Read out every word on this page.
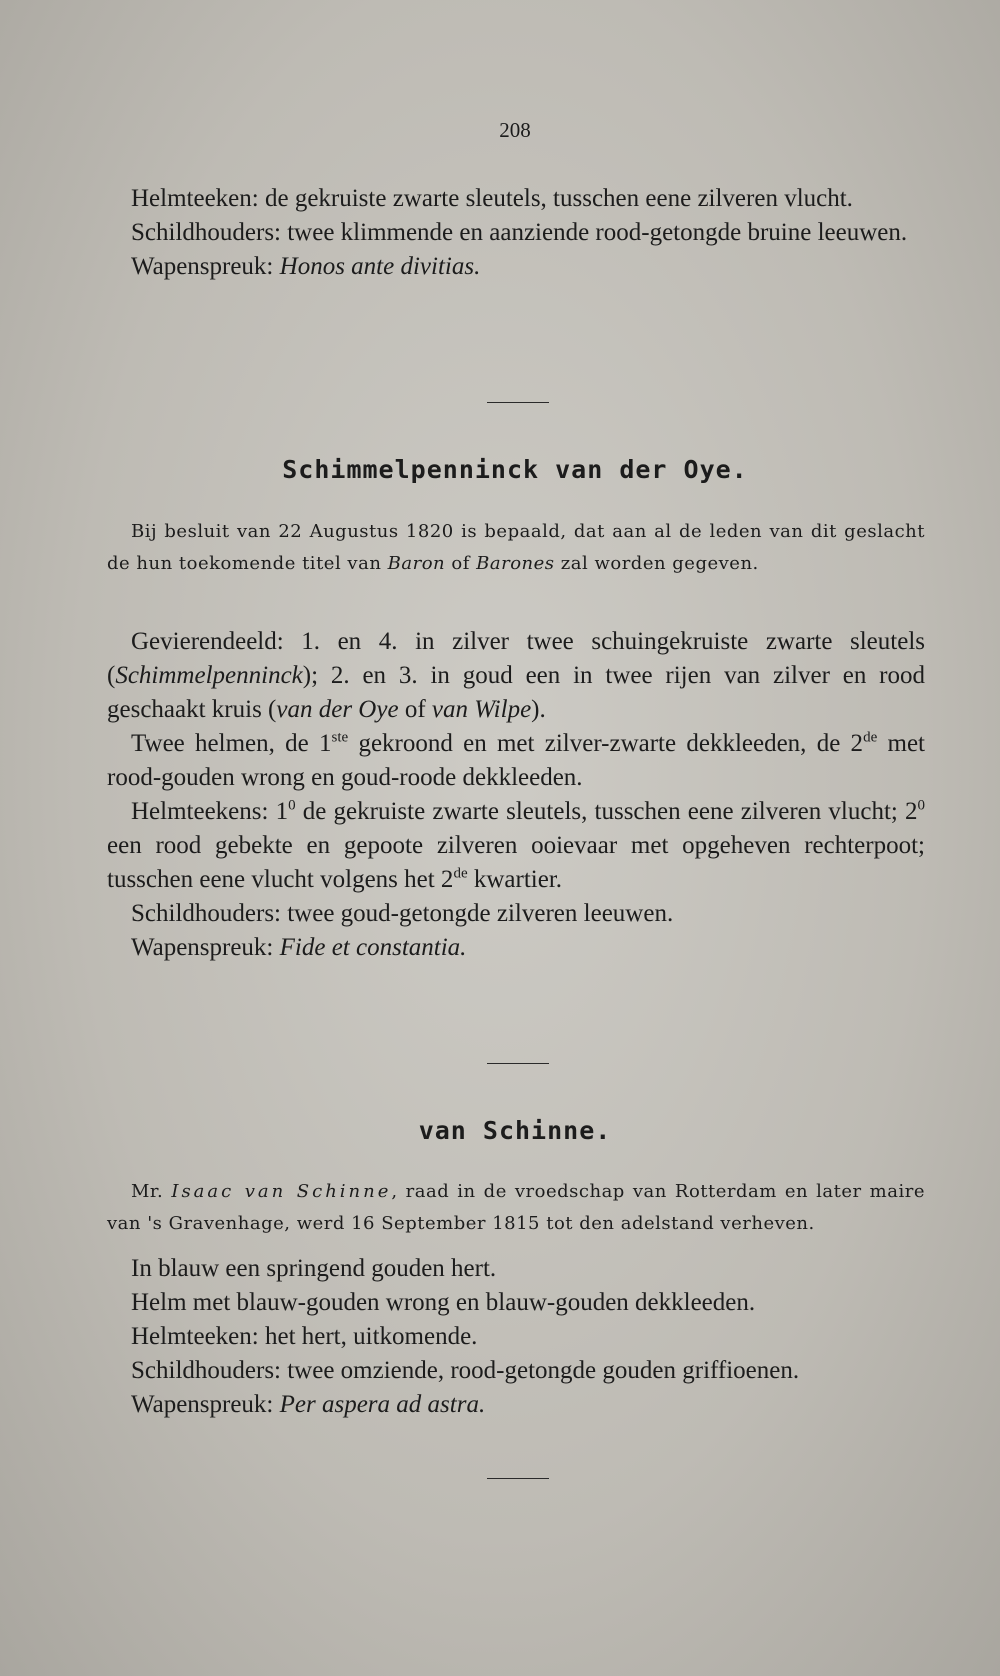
208

Helmteeken: de gekruiste zwarte sleutels, tusschen eene zilveren vlucht.

Schildhouders: twee klimmende en aanziende rood-getongde bruine leeuwen.

Wapenspreuk: Honos ante divitias.

Schimmelpenninck van der Oye.

Bij besluit van 22 Augustus 1820 is bepaald, dat aan al de leden van dit geslacht de hun toekomende titel van Baron of Barones zal worden gegeven.

Gevierendeeld: 1. en 4. in zilver twee schuingekruiste zwarte sleutels (Schimmelpenninck); 2. en 3. in goud een in twee rijen van zilver en rood geschaakt kruis (van der Oye of van Wilpe).

Twee helmen, de 1ste gekroond en met zilver-zwarte dekkleeden, de 2de met rood-gouden wrong en goud-roode dekkleeden.

Helmteekens: $1^0$ de gekruiste zwarte sleutels, tusschen eene zilveren vlucht; $2^0$ een rood gebekte en gepoote zilveren ooievaar met opgeheven rechterpoot; tusschen eene vlucht volgens het 2de kwartier.

Schildhouders: twee goud-getongde zilveren leeuwen.

Wapenspreuk: Fide et constantia.

van Schinne.

Mr. Isaac van Schinne, raad in de vroedschap van Rotterdam en later maire van 's Gravenhage, werd 16 September 1815 tot den adelstand verheven.

In blauw een springend gouden hert.

Helm met blauw-gouden wrong en blauw-gouden dekkleeden.

Helmteeken: het hert, uitkomende.

Schildhouders: twee omziende, rood-getongde gouden griffioenen.

Wapenspreuk: Per aspera ad astra.
